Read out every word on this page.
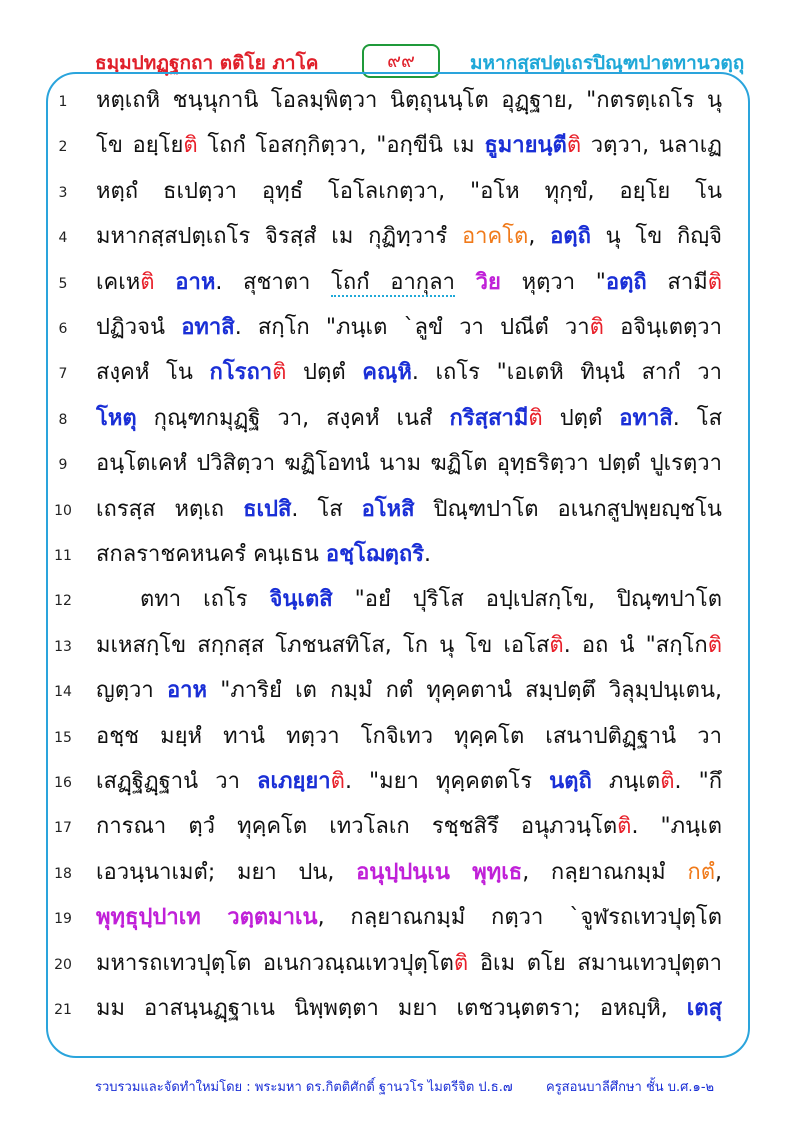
ธมฺมปทฏฺฐกถา ตติโย ภาโค	๙๙	มหากสฺสปตฺเถรปิณฺฑปาตทานวตฺถุ
1	หตฺเถหิ ชนฺนุกานิ โอลมฺพิตฺวา นิตฺถุนนฺโต อุฏฺฐาย, "กตรตฺเถโร นุ
2	โข อยฺโยติ โถกํ โอสกฺกิตฺวา, "อกฺขีนิ เม ธูมายนฺตีติ วตฺวา, นลาเฏ
3	หตฺถํ ธเปตฺวา อุทฺธํ โอโลเกตฺวา, "อโห ทุกฺขํ, อยฺโย โน
4	มหากสฺสปตฺเถโร จิรสฺสํ เม กุฏิทฺวารํ อาคโต, อตฺถิ นุ โข กิญฺจิ
5	เคเหติ อาห. สุชาตา โถกํ อากุลา วิย หุตฺวา "อตฺถิ สามีติ
6	ปฏิวจนํ อทาสิ. สกฺโก "ภนฺเต `ลูขํ วา ปณีตํ วาติ อจินฺเตตฺวา
7	สงฺคหํ โน กโรถาติ ปตฺตํ คณฺหิ. เถโร "เอเตหิ ทินฺนํ สากํ วา
8	โหตุ กุณฺฑกมุฏฺฐิ วา, สงฺคหํ เนสํ กริสฺสามีติ ปตฺตํ อทาสิ. โส
9	อนฺโตเคหํ ปวิสิตฺวา ฆฏิโอทนํ นาม ฆฏิโต อุทฺธริตฺวา ปตฺตํ ปูเรตฺวา
10 เถรสฺส หตฺเถ ธเปสิ. โส อโหสิ ปิณฺฑปาโต อเนกสูปพฺยญฺชโน
11 สกลราชคหนครํ คนฺเธน อชฺโฌตฺถริ.
12	ตทา เถโร จินฺเตสิ "อยํ ปุริโส อปฺเปสกฺโข, ปิณฺฑปาโต
13 มเหสกฺโข สกฺกสฺส โภชนสทิโส, โก นุ โข เอโสติ. อถ นํ "สกฺโกติ
14 ญตฺวา อาห "ภาริยํ เต กมฺมํ กตํ ทุคฺคตานํ สมฺปตฺตึ วิลุมฺปนฺเตน,
15 อชฺช มยฺหํ ทานํ ทตฺวา โกจิเทว ทุคฺคโต เสนาปติฏฺฐานํ วา
16 เสฏฺฐิฏฺฐานํ วา ลเภยฺยาติ. "มยา ทุคฺคตตโร นตฺถิ ภนฺเตติ. "กึ
17 การณา ตฺวํ ทุคฺคโต เทวโลเก รชฺชสิรึ อนุภวนฺโตติ. "ภนฺเต
18 เอวนฺนาเมตํ; มยา ปน, อนุปฺปนฺเน พุทฺเธ, กลฺยาณกมฺมํ กตํ,
19 พุทฺธุปฺปาเท วตฺตมาเน, กลฺยาณกมฺมํ กตฺวา `จูฬรถเทวปุตฺโต
20 มหารถเทวปุตฺโต อเนกวณฺณเทวปุตฺโตติ อิเม ตโย สมานเทวปุตฺตา
21 มม อาสนฺนฏฺฐาเน นิพฺพตฺตา มยา เตชวนฺตตรา; อหญฺหิ, เตสุ
รวบรวมและจัดทำใหม่โดย : พระมหา ดร.กิตติศักดิ์ ฐานวโร ไมตรีจิต ป.ธ.๗	ครูสอนบาลีศึกษา ชั้น บ.ศ.๑-๒
